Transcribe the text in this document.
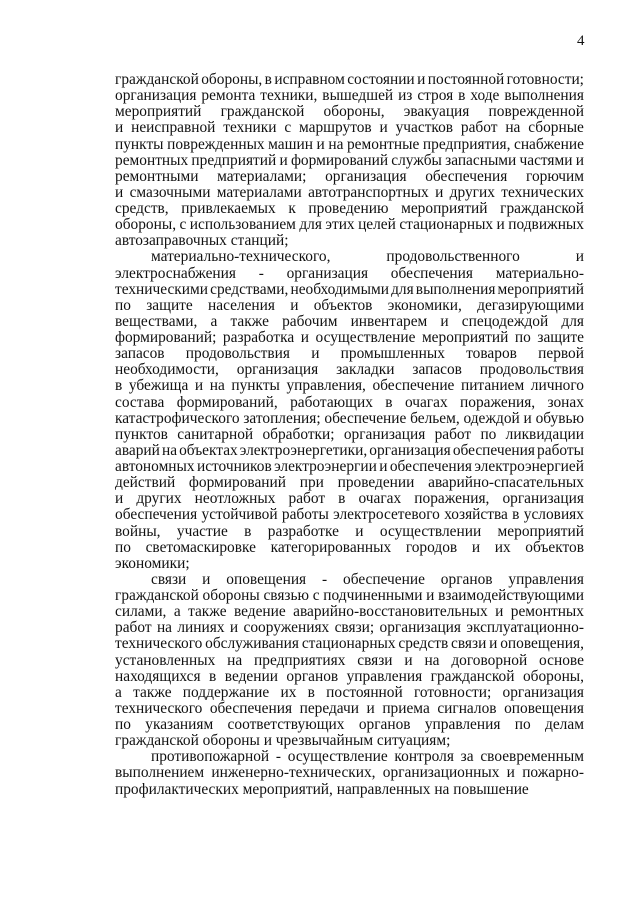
4
гражданской обороны, в исправном состоянии и постоянной готовности;
организация ремонта техники, вышедшей из строя в ходе выполнения
мероприятий гражданской обороны, эвакуация поврежденной
и неисправной техники с маршрутов и участков работ на сборные
пункты поврежденных машин и на ремонтные предприятия, снабжение
ремонтных предприятий и формирований службы запасными частями и
ремонтными материалами; организация обеспечения горючим
и смазочными материалами автотранспортных и других технических
средств, привлекаемых к проведению мероприятий гражданской
обороны, с использованием для этих целей стационарных и подвижных
автозаправочных станций;
материально-технического,	продовольственного	и
электроснабжения - организация обеспечения материально-
техническими средствами, необходимыми для выполнения мероприятий
по защите населения и объектов экономики, дегазирующими
веществами, а также рабочим инвентарем и спецодеждой для
формирований; разработка и осуществление мероприятий по защите
запасов продовольствия и промышленных товаров первой
необходимости, организация закладки запасов продовольствия
в убежища и на пункты управления, обеспечение питанием личного
состава формирований, работающих в очагах поражения, зонах
катастрофического затопления; обеспечение бельем, одеждой и обувью
пунктов санитарной обработки; организация работ по ликвидации
аварий на объектах электроэнергетики, организация обеспечения работы
автономных источников электроэнергии и обеспечения электроэнергией
действий формирований при проведении аварийно-спасательных
и других неотложных работ в очагах поражения, организация
обеспечения устойчивой работы электросетевого хозяйства в условиях
войны, участие в разработке и осуществлении мероприятий
по светомаскировке категорированных городов и их объектов
экономики;
связи и оповещения - обеспечение органов управления
гражданской обороны связью с подчиненными и взаимодействующими
силами, а также ведение аварийно-восстановительных и ремонтных
работ на линиях и сооружениях связи; организация эксплуатационно-
технического обслуживания стационарных средств связи и оповещения,
установленных на предприятиях связи и на договорной основе
находящихся в ведении органов управления гражданской обороны,
а также поддержание их в постоянной готовности; организация
технического обеспечения передачи и приема сигналов оповещения
по указаниям соответствующих органов управления по делам
гражданской обороны и чрезвычайным ситуациям;
противопожарной - осуществление контроля за своевременным
выполнением инженерно-технических, организационных и пожарно-
профилактических мероприятий, направленных на повышение
